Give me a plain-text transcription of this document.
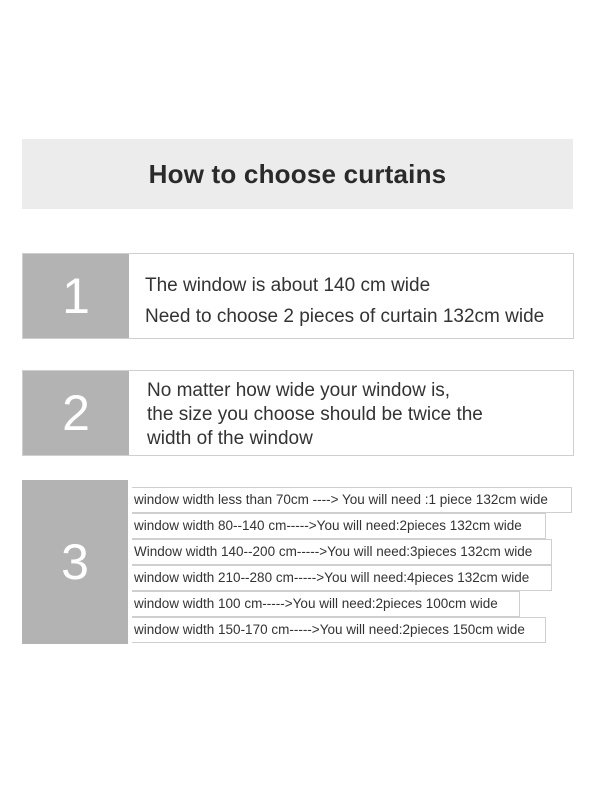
How to choose curtains
1	The window is about 140 cm wide
Need to choose 2 pieces of curtain 132cm wide
2	No matter how wide your window is,
the size you choose should be twice the
width of the window
3
window width less than 70cm ----> You will need :1 piece 132cm wide
window width 80--140 cm----->You will need:2pieces 132cm wide
Window width 140--200 cm----->You will need:3pieces 132cm wide
window width 210--280 cm----->You will need:4pieces 132cm wide
window width 100 cm----->You will need:2pieces 100cm wide
window width 150-170 cm----->You will need:2pieces 150cm wide
